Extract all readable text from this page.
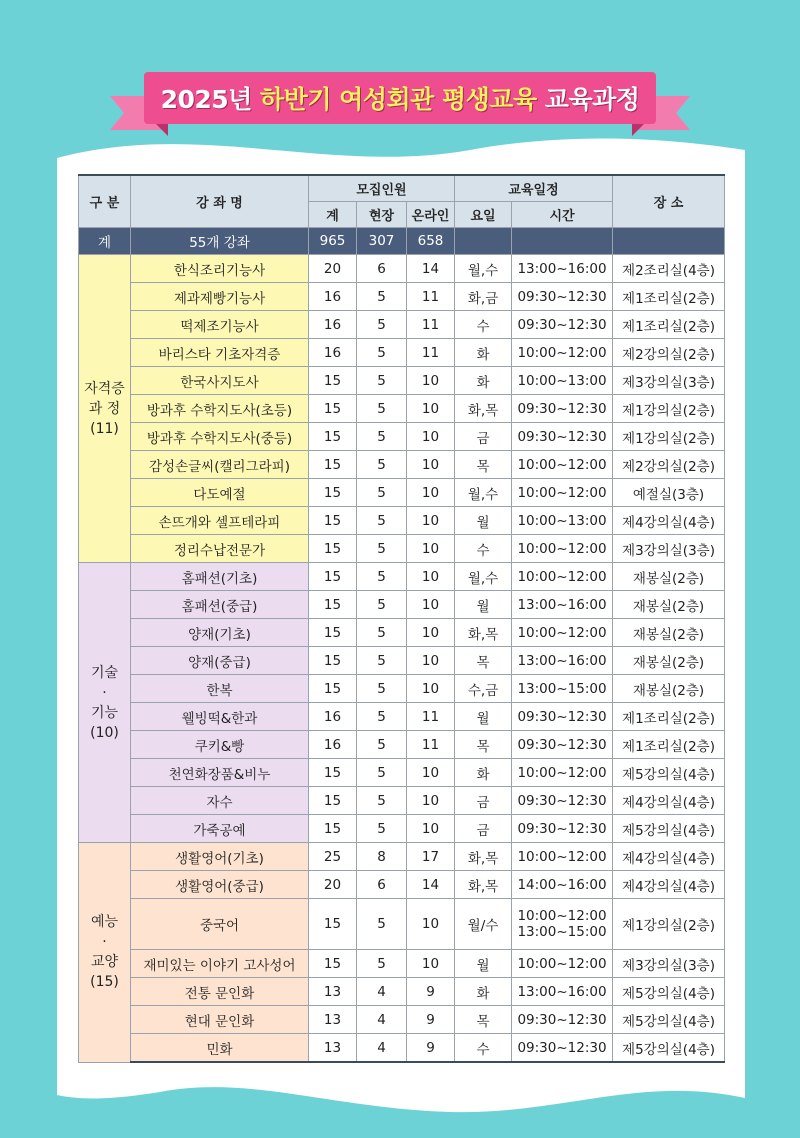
2025년 하반기 여성회관 평생교육 교육과정
구 분	강 좌 명	모집인원			교육일정		장 소
		계	현장	온라인	요일	시간	
계	55개 강좌	965	307	658			

자격증
과 정
(11)	한식조리기능사	20	6	14	월,수	13:00~16:00	제2조리실(4층)
	제과제빵기능사	16	5	11	화,금	09:30~12:30	제1조리실(2층)
	떡제조기능사	16	5	11	수	09:30~12:30	제1조리실(2층)
	바리스타 기초자격증	16	5	11	화	10:00~12:00	제2강의실(2층)
	한국사지도사	15	5	10	화	10:00~13:00	제3강의실(3층)
	방과후 수학지도사(초등)	15	5	10	화,목	09:30~12:30	제1강의실(2층)
	방과후 수학지도사(중등)	15	5	10	금	09:30~12:30	제1강의실(2층)
	감성손글씨(캘리그라피)	15	5	10	목	10:00~12:00	제2강의실(2층)
	다도예절	15	5	10	월,수	10:00~12:00	예절실(3층)
	손뜨개와 셀프테라피	15	5	10	월	10:00~13:00	제4강의실(4층)
	정리수납전문가	15	5	10	수	10:00~12:00	제3강의실(3층)

기술
·
기능
(10)	홈패션(기초)	15	5	10	월,수	10:00~12:00	재봉실(2층)
	홈패션(중급)	15	5	10	월	13:00~16:00	재봉실(2층)
	양재(기초)	15	5	10	화,목	10:00~12:00	재봉실(2층)
	양재(중급)	15	5	10	목	13:00~16:00	재봉실(2층)
	한복	15	5	10	수,금	13:00~15:00	재봉실(2층)
	웰빙떡&한과	16	5	11	월	09:30~12:30	제1조리실(2층)
	쿠키&빵	16	5	11	목	09:30~12:30	제1조리실(2층)
	천연화장품&비누	15	5	10	화	10:00~12:00	제5강의실(4층)
	자수	15	5	10	금	09:30~12:30	제4강의실(4층)
	가죽공예	15	5	10	금	09:30~12:30	제5강의실(4층)

예능
·
교양
(15)	생활영어(기초)	25	8	17	화,목	10:00~12:00	제4강의실(4층)
	생활영어(중급)	20	6	14	화,목	14:00~16:00	제4강의실(4층)
	중국어	15	5	10	월/수	10:00~12:00
13:00~15:00	제1강의실(2층)
	재미있는 이야기 고사성어	15	5	10	월	10:00~12:00	제3강의실(3층)
	전통 문인화	13	4	9	화	13:00~16:00	제5강의실(4층)
	현대 문인화	13	4	9	목	09:30~12:30	제5강의실(4층)
	민화	13	4	9	수	09:30~12:30	제5강의실(4층)
